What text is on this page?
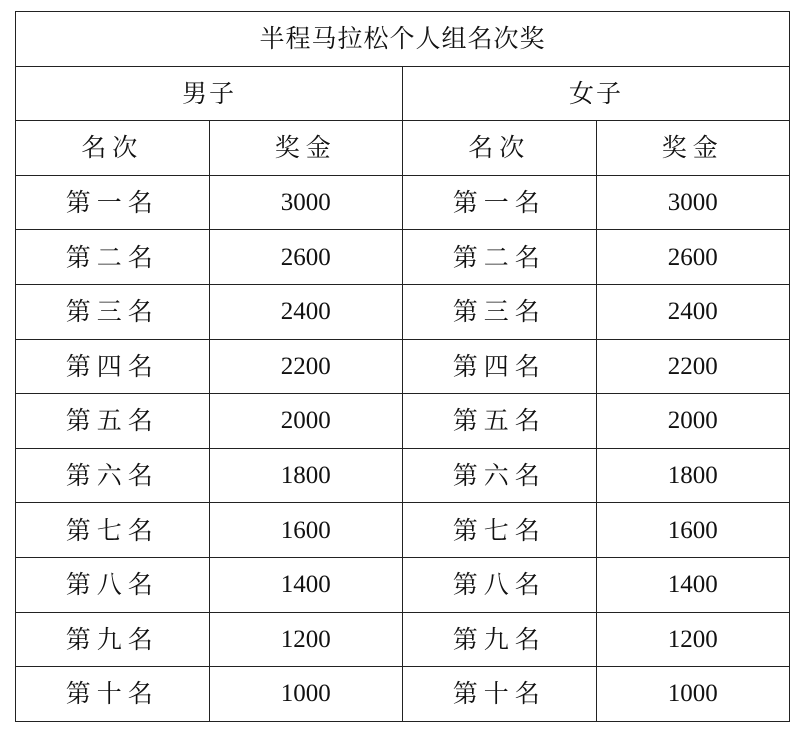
半程马拉松个人组名次奖			
男子		女子	
名次	奖金	名次	奖金
第一名	3000	第一名	3000
第二名	2600	第二名	2600
第三名	2400	第三名	2400
第四名	2200	第四名	2200
第五名	2000	第五名	2000
第六名	1800	第六名	1800
第七名	1600	第七名	1600
第八名	1400	第八名	1400
第九名	1200	第九名	1200
第十名	1000	第十名	1000
